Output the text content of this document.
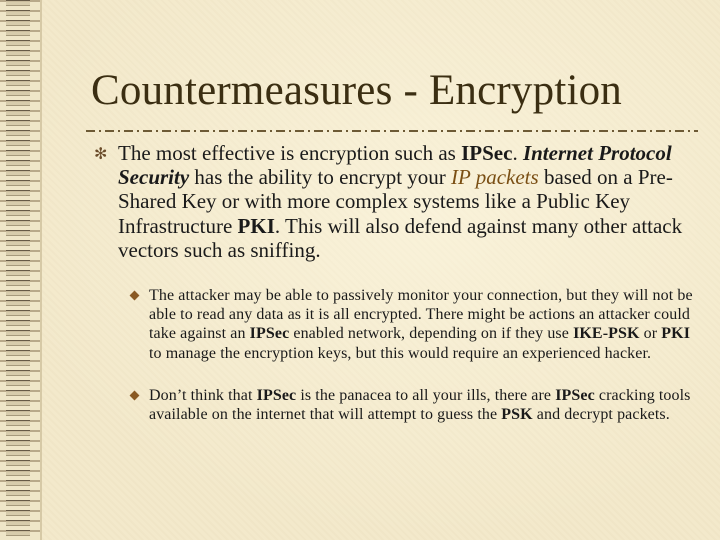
Countermeasures - Encryption
✻ The most effective is encryption such as IPSec. Internet Protocol Security has the ability to encrypt your IP packets based on a Pre-Shared Key or with more complex systems like a Public Key Infrastructure PKI. This will also defend against many other attack vectors such as sniffing.

The attacker may be able to passively monitor your connection, but they will not be able to read any data as it is all encrypted. There might be actions an attacker could take against an IPSec enabled network, depending on if they use IKE-PSK or PKI to manage the encryption keys, but this would require an experienced hacker.

Don’t think that IPSec is the panacea to all your ills, there are IPSec cracking tools available on the internet that will attempt to guess the PSK and decrypt packets.
